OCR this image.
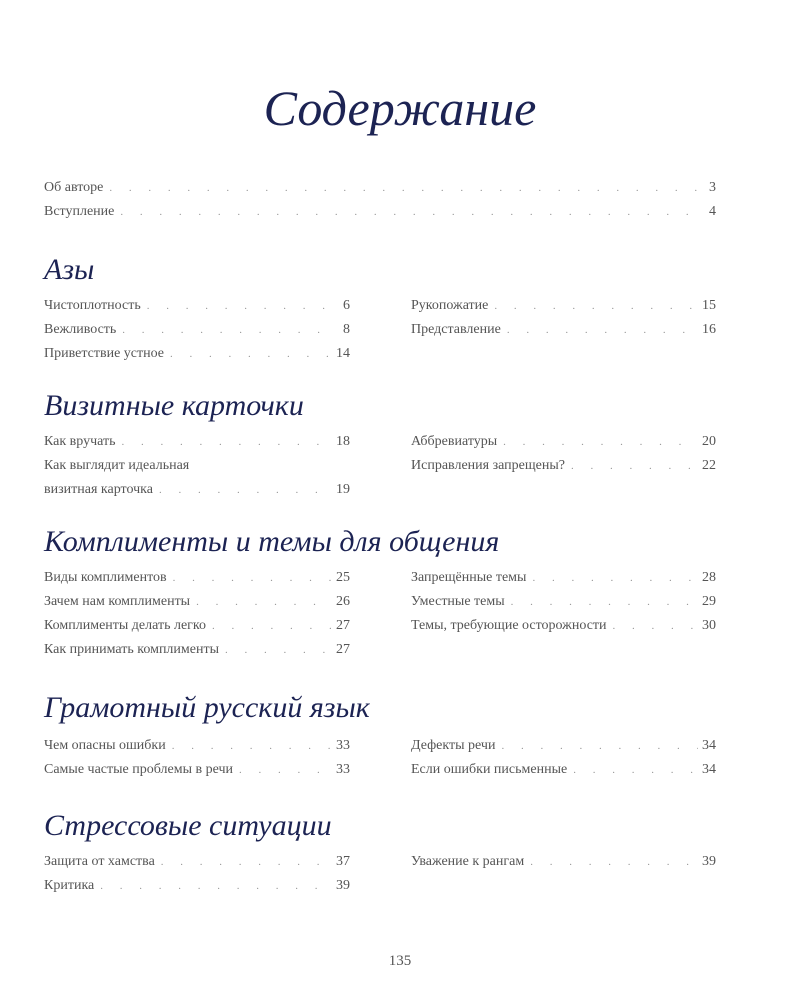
Содержание
Об авторе . . .	3
Вступление . . .	4
Азы
Чистоплотность . . .	6
Вежливость . . .	8
Приветствие устное . . .	14
Рукопожатие . . .	15
Представление . . .	16
Визитные карточки
Как вручать . . .	18
Как выглядит идеальная
визитная карточка . . .	19
Аббревиатуры . . .	20
Исправления запрещены? . . .	22
Комплименты и темы для общения
Виды комплиментов . . .	25
Зачем нам комплименты . . .	26
Комплименты делать легко . . .	27
Как принимать комплименты . . .	27
Запрещённые темы . . .	28
Уместные темы . . .	29
Темы, требующие осторожности . . .	30
Грамотный русский язык
Чем опасны ошибки . . .	33
Самые частые проблемы в речи . . .	33
Дефекты речи . . .	34
Если ошибки письменные . . .	34
Стрессовые ситуации
Защита от хамства . . .	37
Критика . . .	39
Уважение к рангам . . .	39
135
